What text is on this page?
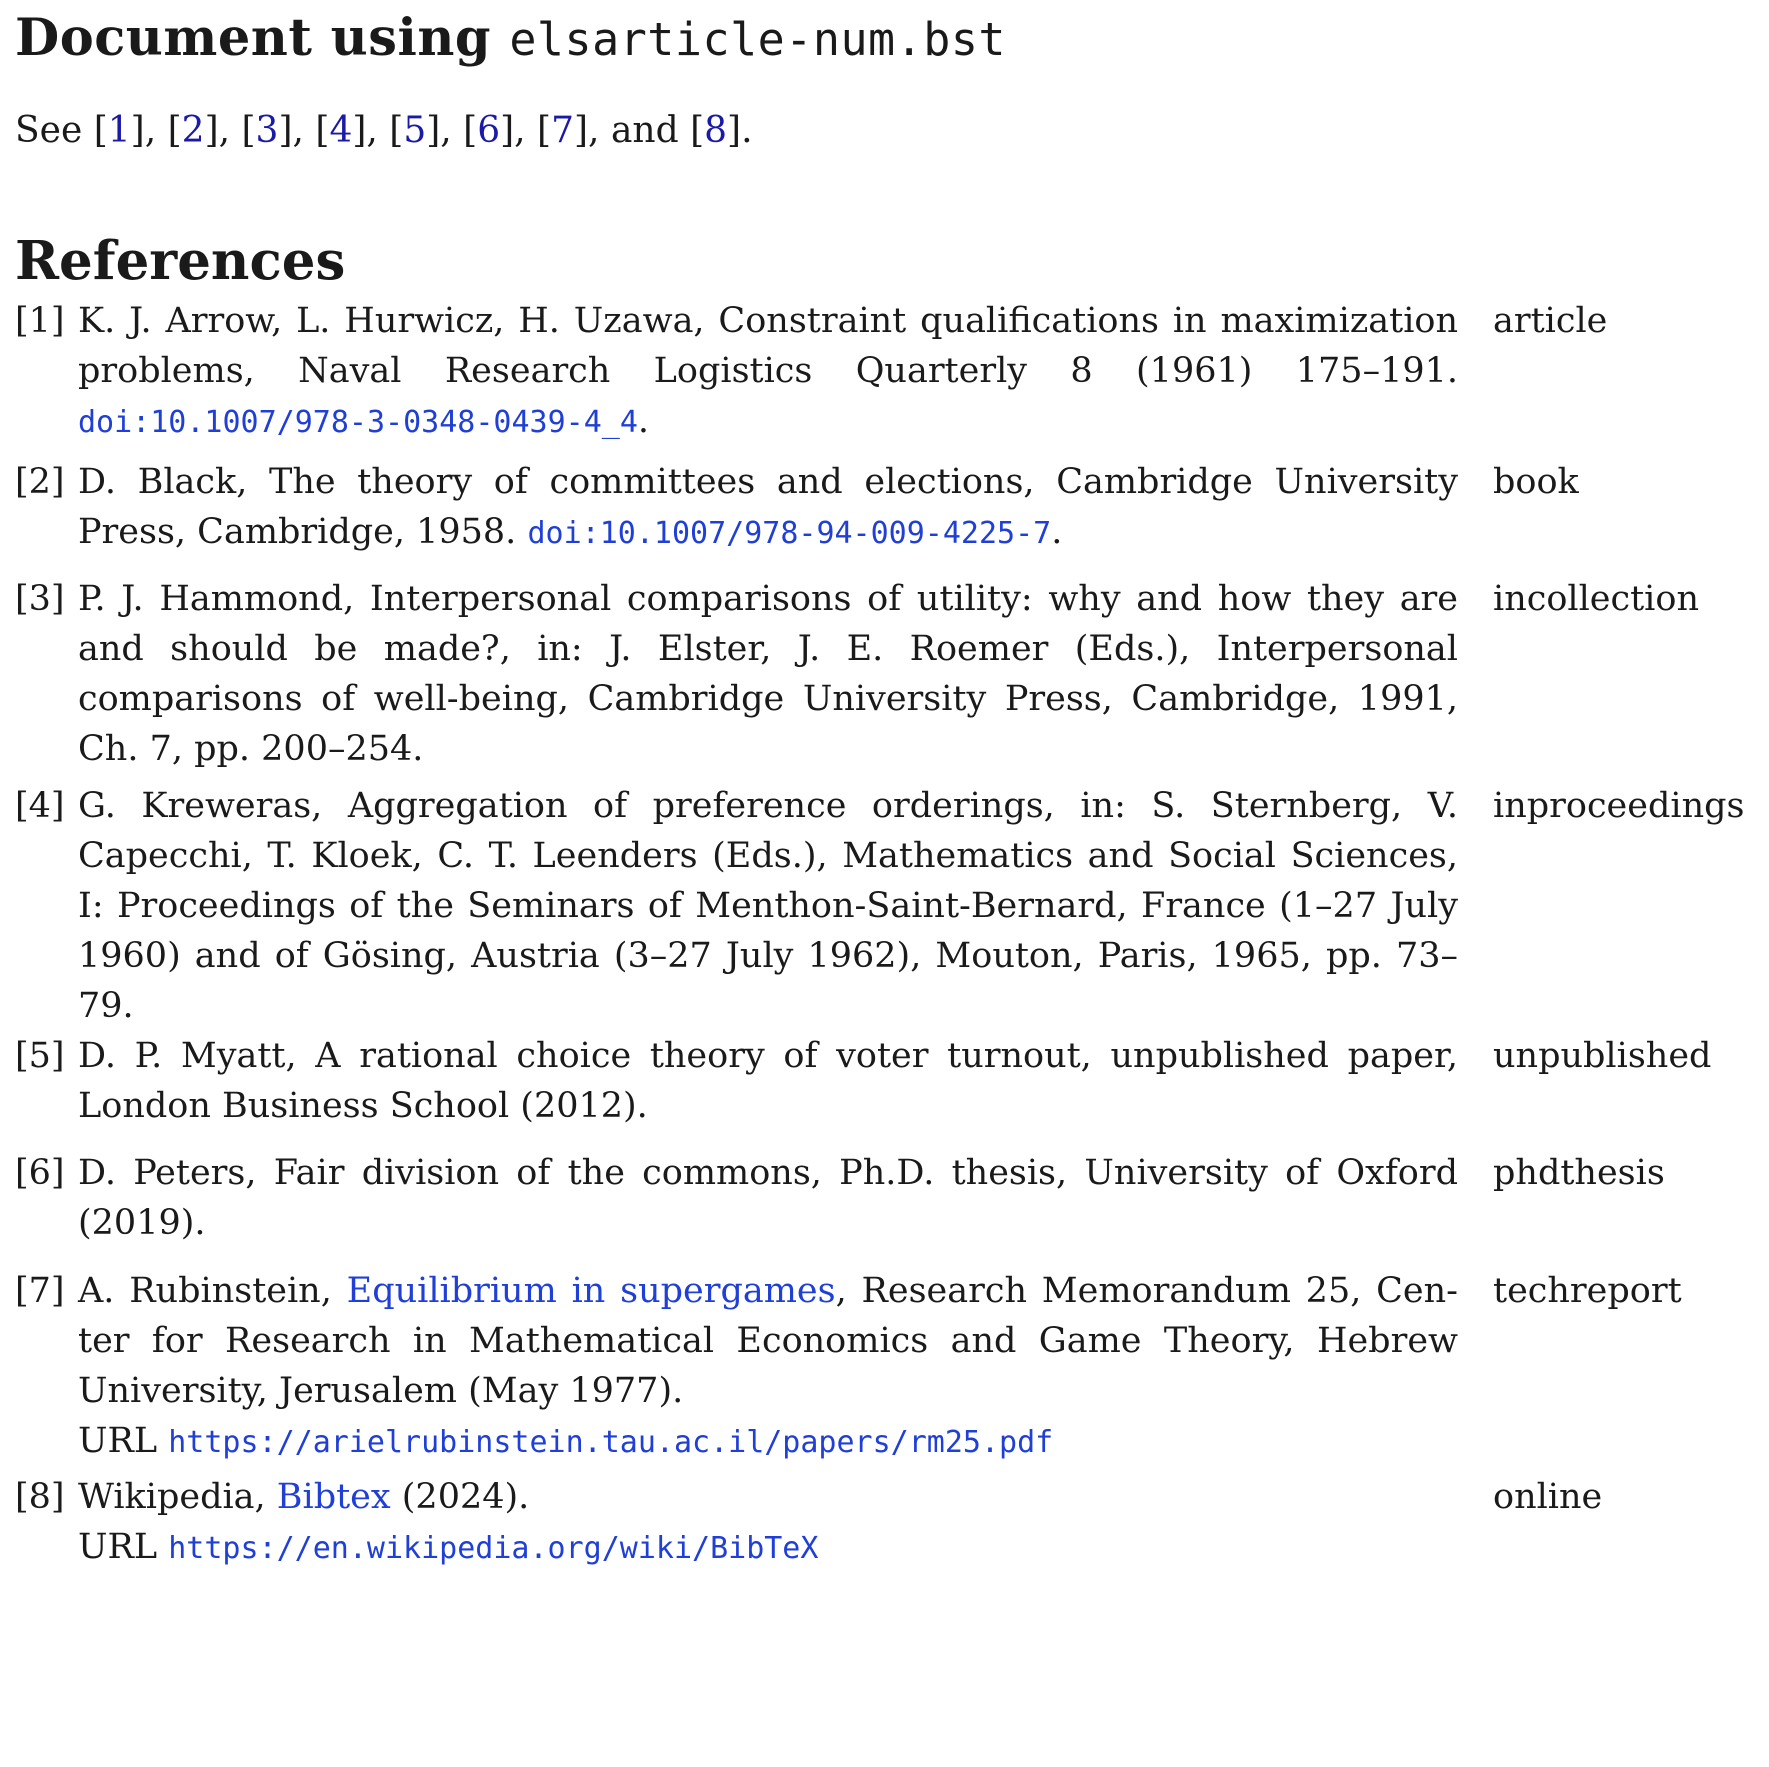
Document using elsarticle-num.bst
See [1], [2], [3], [4], [5], [6], [7], and [8].
References
[1] K. J. Arrow, L. Hurwicz, H. Uzawa, Constraint qualifications in maximization problems, Naval Research Logistics Quarterly 8 (1961) 175–191. doi:10.1007/978-3-0348-0439-4_4.
article
[2] D. Black, The theory of committees and elections, Cambridge University Press, Cambridge, 1958. doi:10.1007/978-94-009-4225-7.
book
[3] P. J. Hammond, Interpersonal comparisons of utility: why and how they are and should be made?, in: J. Elster, J. E. Roemer (Eds.), Interpersonal comparisons of well-being, Cambridge University Press, Cambridge, 1991, Ch. 7, pp. 200–254.
incollection
[4] G. Kreweras, Aggregation of preference orderings, in: S. Sternberg, V. Capecchi, T. Kloek, C. T. Leenders (Eds.), Mathematics and Social Sciences, I: Proceedings of the Seminars of Menthon-Saint-Bernard, France (1–27 July 1960) and of Gösing, Austria (3–27 July 1962), Mouton, Paris, 1965, pp. 73–79.
inproceedings
[5] D. P. Myatt, A rational choice theory of voter turnout, unpublished paper, London Business School (2012).
unpublished
[6] D. Peters, Fair division of the commons, Ph.D. thesis, University of Oxford (2019).
phdthesis
[7] A. Rubinstein, Equilibrium in supergames, Research Memorandum 25, Center for Research in Mathematical Economics and Game Theory, Hebrew University, Jerusalem (May 1977).
URL https://arielrubinstein.tau.ac.il/papers/rm25.pdf
techreport
[8] Wikipedia, Bibtex (2024).
URL https://en.wikipedia.org/wiki/BibTeX
online
